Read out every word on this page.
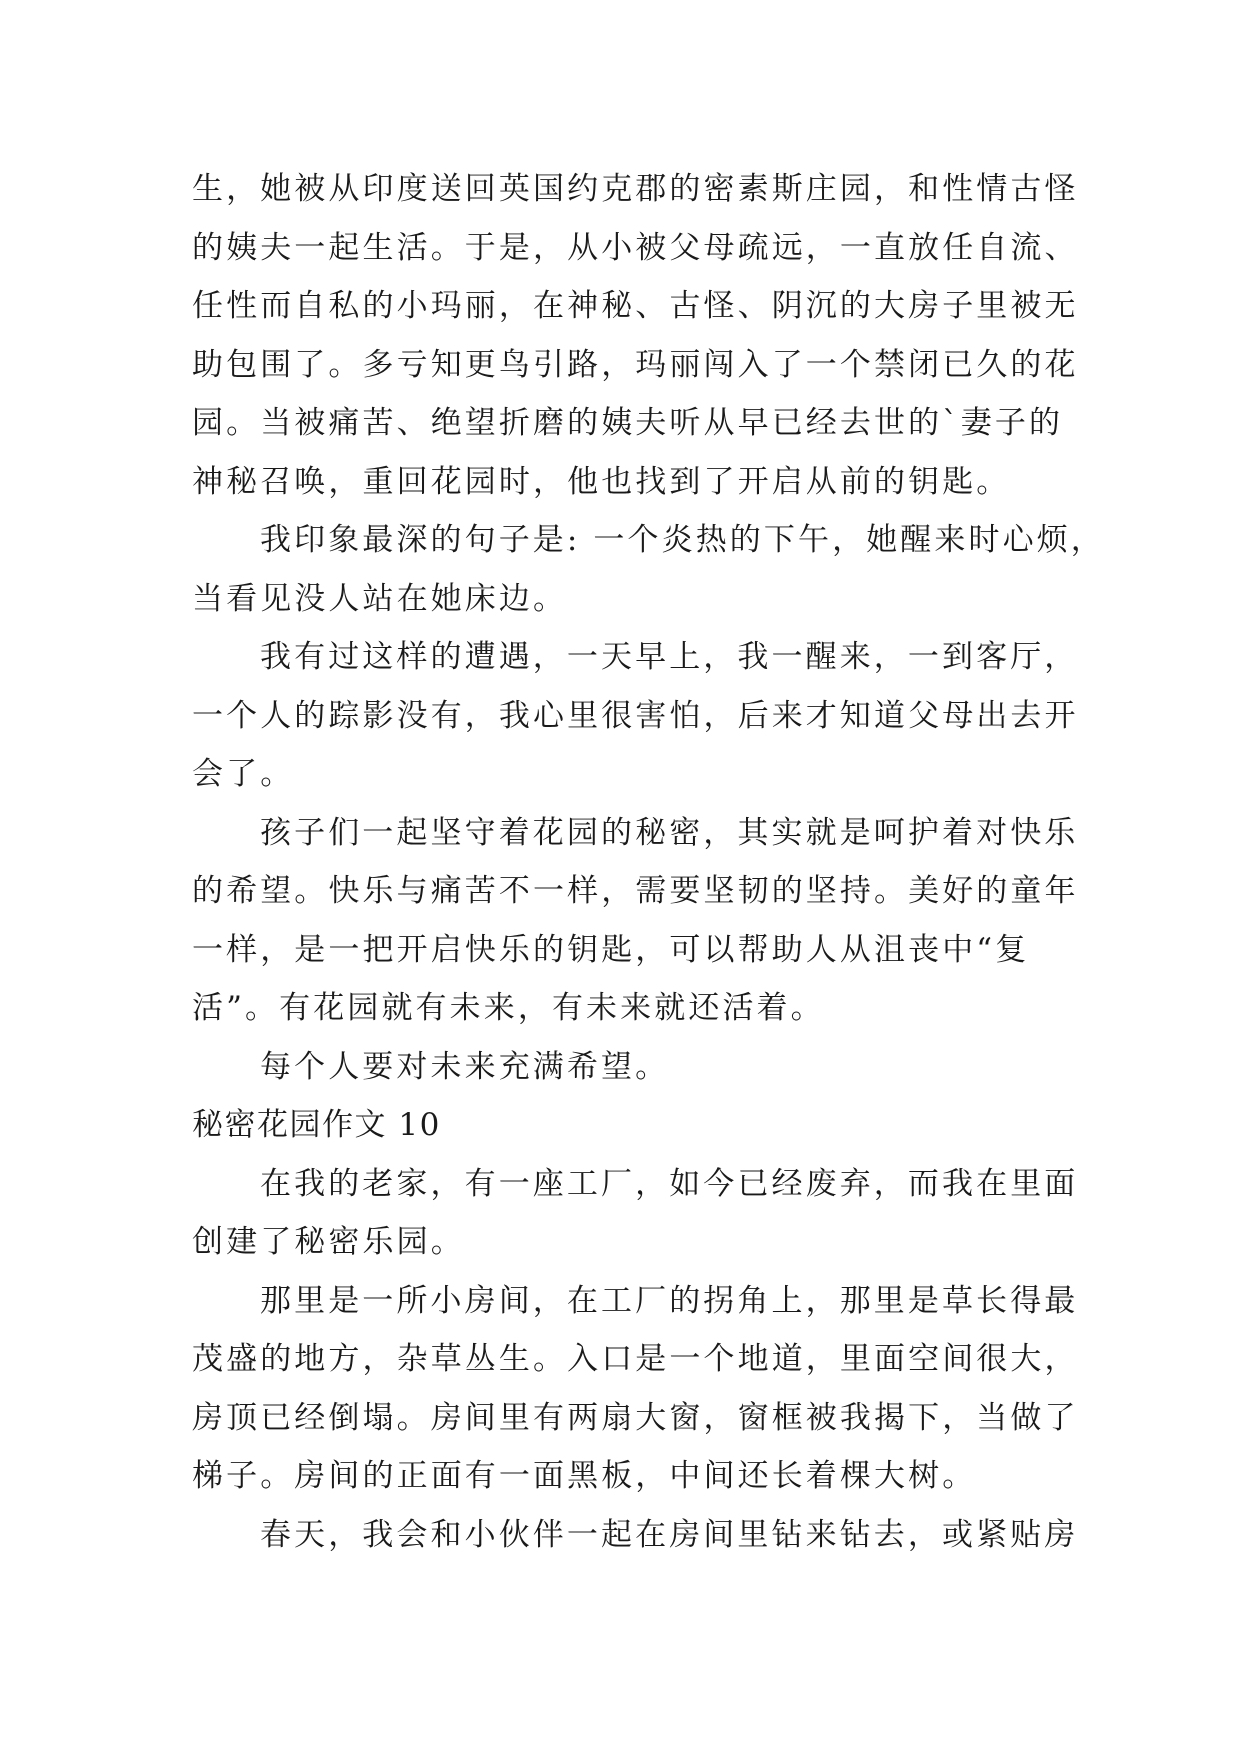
生，她被从印度送回英国约克郡的密素斯庄园，和性情古怪
的姨夫一起生活。于是，从小被父母疏远，一直放任自流、
任性而自私的小玛丽，在神秘、古怪、阴沉的大房子里被无
助包围了。多亏知更鸟引路，玛丽闯入了一个禁闭已久的花
园。当被痛苦、绝望折磨的姨夫听从早已经去世的`妻子的
神秘召唤，重回花园时，他也找到了开启从前的钥匙。

我印象最深的句子是: 一个炎热的下午，她醒来时心烦，
当看见没人站在她床边。

我有过这样的遭遇，一天早上，我一醒来，一到客厅，
一个人的踪影没有，我心里很害怕，后来才知道父母出去开
会了。

孩子们一起坚守着花园的秘密，其实就是呵护着对快乐
的希望。快乐与痛苦不一样，需要坚韧的坚持。美好的童年
一样，是一把开启快乐的钥匙，可以帮助人从沮丧中“复
活”。有花园就有未来，有未来就还活着。

每个人要对未来充满希望。

秘密花园作文 10

在我的老家，有一座工厂，如今已经废弃，而我在里面
创建了秘密乐园。

那里是一所小房间，在工厂的拐角上，那里是草长得最
茂盛的地方，杂草丛生。入口是一个地道，里面空间很大，
房顶已经倒塌。房间里有两扇大窗，窗框被我揭下，当做了
梯子。房间的正面有一面黑板，中间还长着棵大树。

春天，我会和小伙伴一起在房间里钻来钻去，或紧贴房
